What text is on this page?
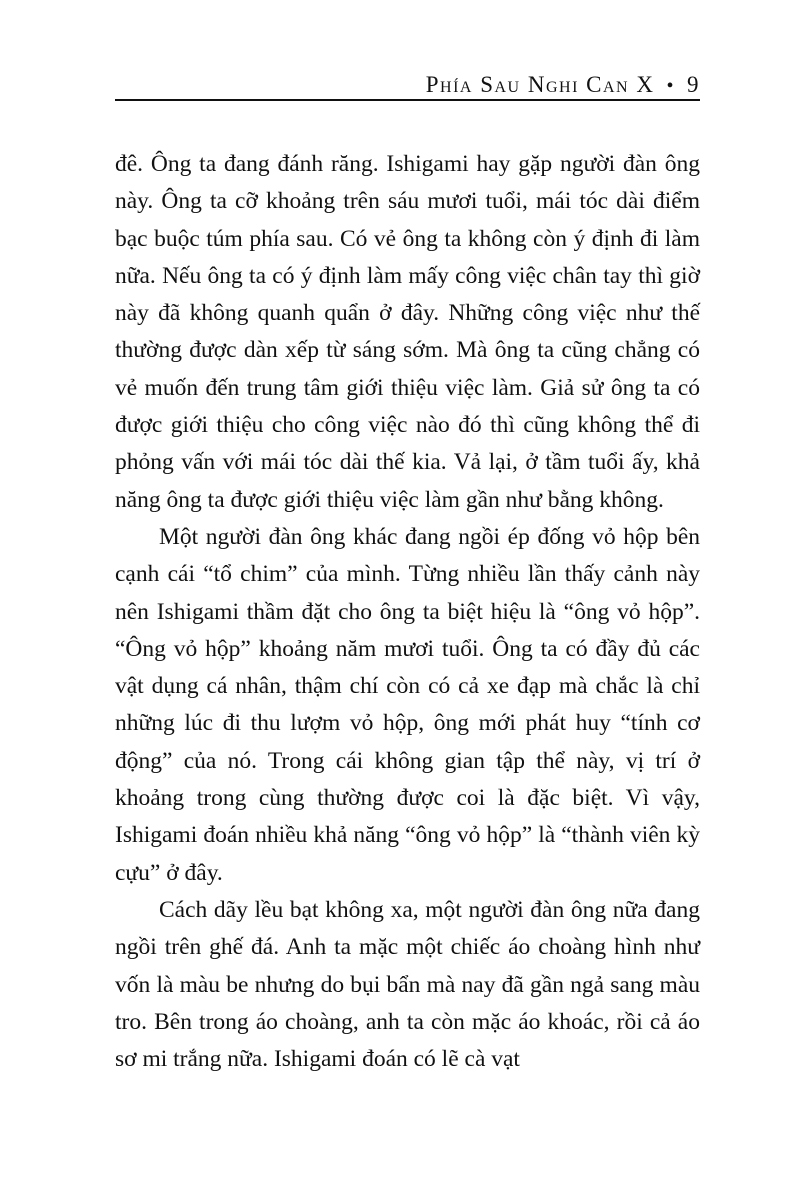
Phía Sau Nghi Can X • 9

đê. Ông ta đang đánh răng. Ishigami hay gặp người đàn ông này. Ông ta cỡ khoảng trên sáu mươi tuổi, mái tóc dài điểm bạc buộc túm phía sau. Có vẻ ông ta không còn ý định đi làm nữa. Nếu ông ta có ý định làm mấy công việc chân tay thì giờ này đã không quanh quẩn ở đây. Những công việc như thế thường được dàn xếp từ sáng sớm. Mà ông ta cũng chẳng có vẻ muốn đến trung tâm giới thiệu việc làm. Giả sử ông ta có được giới thiệu cho công việc nào đó thì cũng không thể đi phỏng vấn với mái tóc dài thế kia. Vả lại, ở tầm tuổi ấy, khả năng ông ta được giới thiệu việc làm gần như bằng không.

Một người đàn ông khác đang ngồi ép đống vỏ hộp bên cạnh cái “tổ chim” của mình. Từng nhiều lần thấy cảnh này nên Ishigami thầm đặt cho ông ta biệt hiệu là “ông vỏ hộp”. “Ông vỏ hộp” khoảng năm mươi tuổi. Ông ta có đầy đủ các vật dụng cá nhân, thậm chí còn có cả xe đạp mà chắc là chỉ những lúc đi thu lượm vỏ hộp, ông mới phát huy “tính cơ động” của nó. Trong cái không gian tập thể này, vị trí ở khoảng trong cùng thường được coi là đặc biệt. Vì vậy, Ishigami đoán nhiều khả năng “ông vỏ hộp” là “thành viên kỳ cựu” ở đây.

Cách dãy lều bạt không xa, một người đàn ông nữa đang ngồi trên ghế đá. Anh ta mặc một chiếc áo choàng hình như vốn là màu be nhưng do bụi bẩn mà nay đã gần ngả sang màu tro. Bên trong áo choàng, anh ta còn mặc áo khoác, rồi cả áo sơ mi trắng nữa. Ishigami đoán có lẽ cà vạt
